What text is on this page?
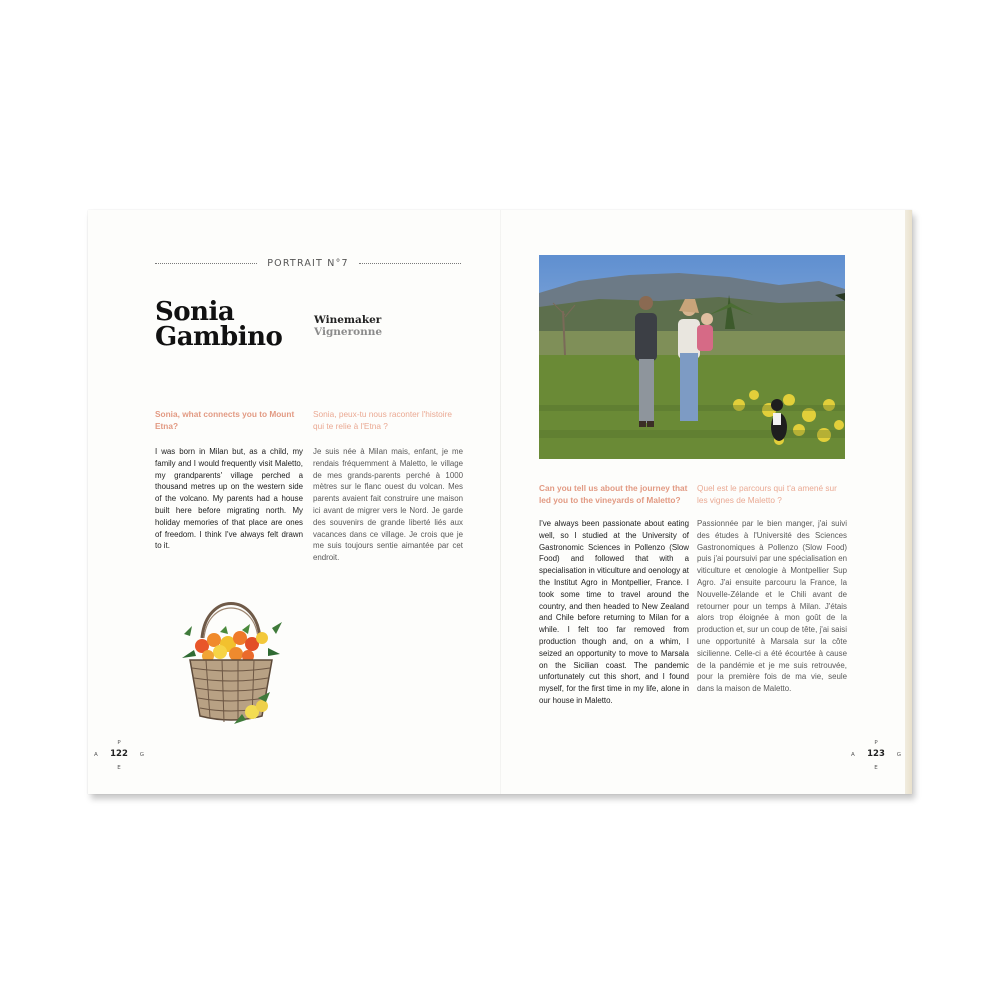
PORTRAIT N°7
Sonia
Gambino
Winemaker
Vigneronne
Sonia, what connects you to Mount Etna?
Sonia, peux-tu nous raconter l'histoire qui te relie à l'Etna ?

I was born in Milan but, as a child, my family and I would frequently visit Maletto, my grandparents' village perched a thousand metres up on the western side of the volcano. My parents had a house built here before migrating north. My holiday memories of that place are ones of freedom. I think I've always felt drawn to it.

Je suis née à Milan mais, enfant, je me rendais fréquemment à Maletto, le village de mes grands-parents perché à 1000 mètres sur le flanc ouest du volcan. Mes parents avaient fait construire une maison ici avant de migrer vers le Nord. Je garde des souvenirs de grande liberté liés aux vacances dans ce village. Je crois que je me suis toujours sentie aimantée par cet endroit.

P
A	122	G
E
Can you tell us about the journey that led you to the vineyards of Maletto?
Quel est le parcours qui t'a amené sur les vignes de Maletto ?

I've always been passionate about eating well, so I studied at the University of Gastronomic Sciences in Pollenzo (Slow Food) and followed that with a specialisation in viticulture and oenology at the Institut Agro in Montpellier, France. I took some time to travel around the country, and then headed to New Zealand and Chile before returning to Milan for a while. I felt too far removed from production though and, on a whim, I seized an opportunity to move to Marsala on the Sicilian coast. The pandemic unfortunately cut this short, and I found myself, for the first time in my life, alone in our house in Maletto.

Passionnée par le bien manger, j'ai suivi des études à l'Université des Sciences Gastronomiques à Pollenzo (Slow Food) puis j'ai poursuivi par une spécialisation en viticulture et œnologie à Montpellier Sup Agro. J'ai ensuite parcouru la France, la Nouvelle-Zélande et le Chili avant de retourner pour un temps à Milan. J'étais alors trop éloignée à mon goût de la production et, sur un coup de tête, j'ai saisi une opportunité à Marsala sur la côte sicilienne. Celle-ci a été écourtée à cause de la pandémie et je me suis retrouvée, pour la première fois de ma vie, seule dans la maison de Maletto.

P
A	123	G
E
